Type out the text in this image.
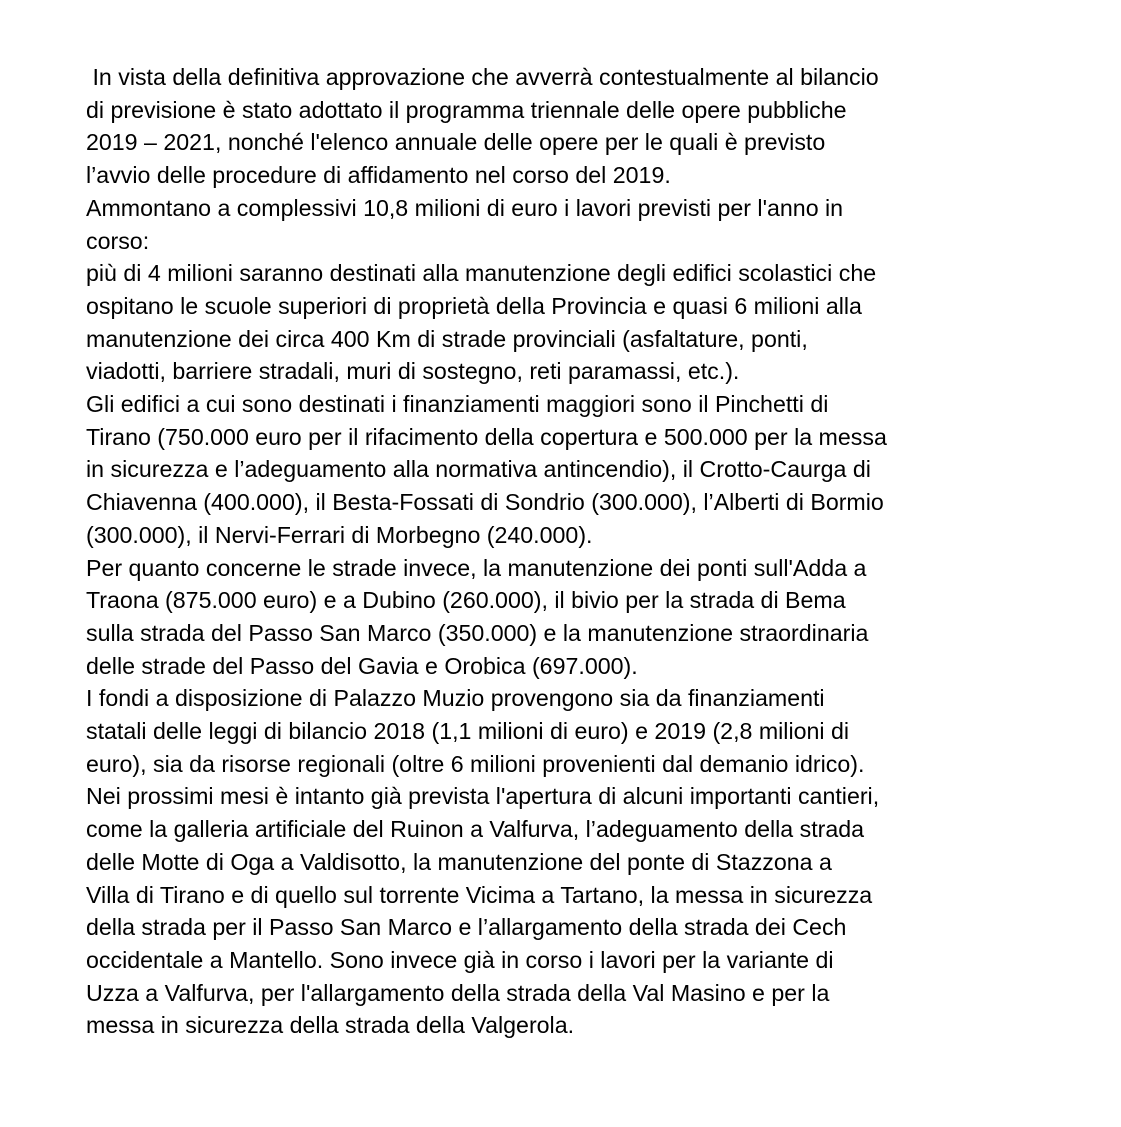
In vista della definitiva approvazione che avverrà contestualmente al bilancio
di previsione è stato adottato il programma triennale delle opere pubbliche
2019 – 2021, nonché l'elenco annuale delle opere per le quali è previsto
l’avvio delle procedure di affidamento nel corso del 2019.
Ammontano a complessivi 10,8 milioni di euro i lavori previsti per l'anno in
corso:
più di 4 milioni saranno destinati alla manutenzione degli edifici scolastici che
ospitano le scuole superiori di proprietà della Provincia e quasi 6 milioni alla
manutenzione dei circa 400 Km di strade provinciali (asfaltature, ponti,
viadotti, barriere stradali, muri di sostegno, reti paramassi, etc.).
Gli edifici a cui sono destinati i finanziamenti maggiori sono il Pinchetti di
Tirano (750.000 euro per il rifacimento della copertura e 500.000 per la messa
in sicurezza e l’adeguamento alla normativa antincendio), il Crotto-Caurga di
Chiavenna (400.000), il Besta-Fossati di Sondrio (300.000), l’Alberti di Bormio
(300.000), il Nervi-Ferrari di Morbegno (240.000).
Per quanto concerne le strade invece, la manutenzione dei ponti sull'Adda a
Traona (875.000 euro) e a Dubino (260.000), il bivio per la strada di Bema
sulla strada del Passo San Marco (350.000) e la manutenzione straordinaria
delle strade del Passo del Gavia e Orobica (697.000).
I fondi a disposizione di Palazzo Muzio provengono sia da finanziamenti
statali delle leggi di bilancio 2018 (1,1 milioni di euro) e 2019 (2,8 milioni di
euro), sia da risorse regionali (oltre 6 milioni provenienti dal demanio idrico).
Nei prossimi mesi è intanto già prevista l'apertura di alcuni importanti cantieri,
come la galleria artificiale del Ruinon a Valfurva, l’adeguamento della strada
delle Motte di Oga a Valdisotto, la manutenzione del ponte di Stazzona a
Villa di Tirano e di quello sul torrente Vicima a Tartano, la messa in sicurezza
della strada per il Passo San Marco e l’allargamento della strada dei Cech
occidentale a Mantello. Sono invece già in corso i lavori per la variante di
Uzza a Valfurva, per l'allargamento della strada della Val Masino e per la
messa in sicurezza della strada della Valgerola.
